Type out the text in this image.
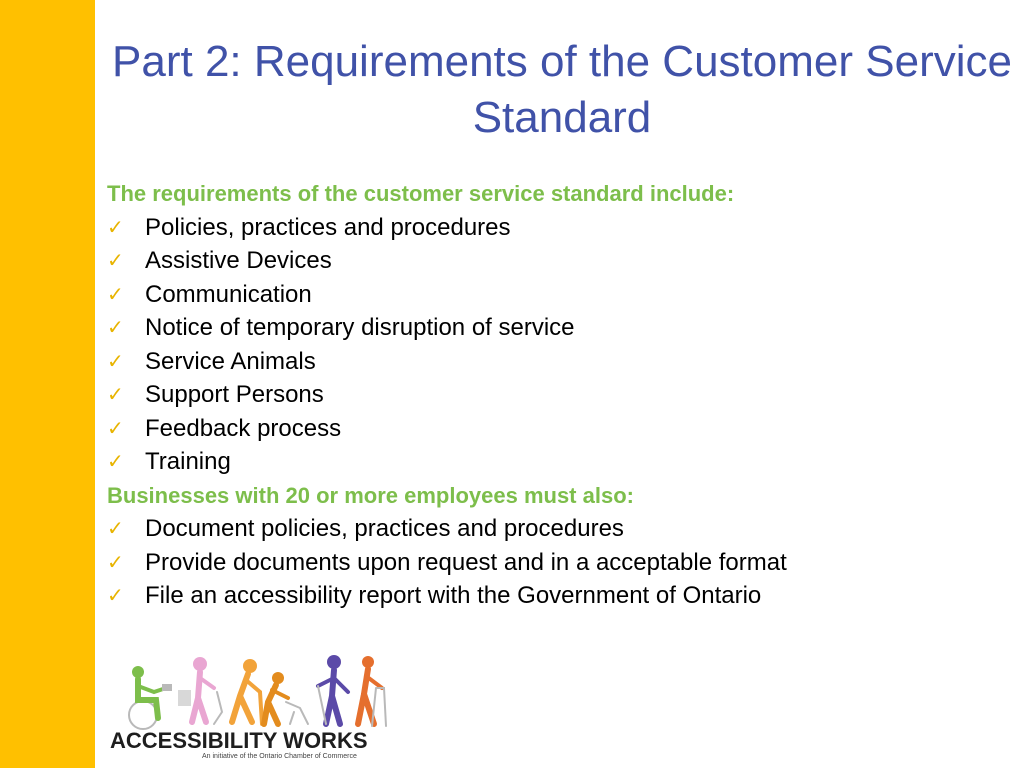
Part 2: Requirements of the Customer Service Standard
The requirements of the customer service standard include:
✓ Policies, practices and procedures
✓ Assistive Devices
✓ Communication
✓ Notice of temporary disruption of service
✓ Service Animals
✓ Support Persons
✓ Feedback process
✓ Training
Businesses with 20 or more employees must also:
✓ Document policies, practices and procedures
✓ Provide documents upon request and in a acceptable format
✓ File an accessibility report with the Government of Ontario
ACCESSIBILITY WORKS
An initiative of the Ontario Chamber of Commerce
